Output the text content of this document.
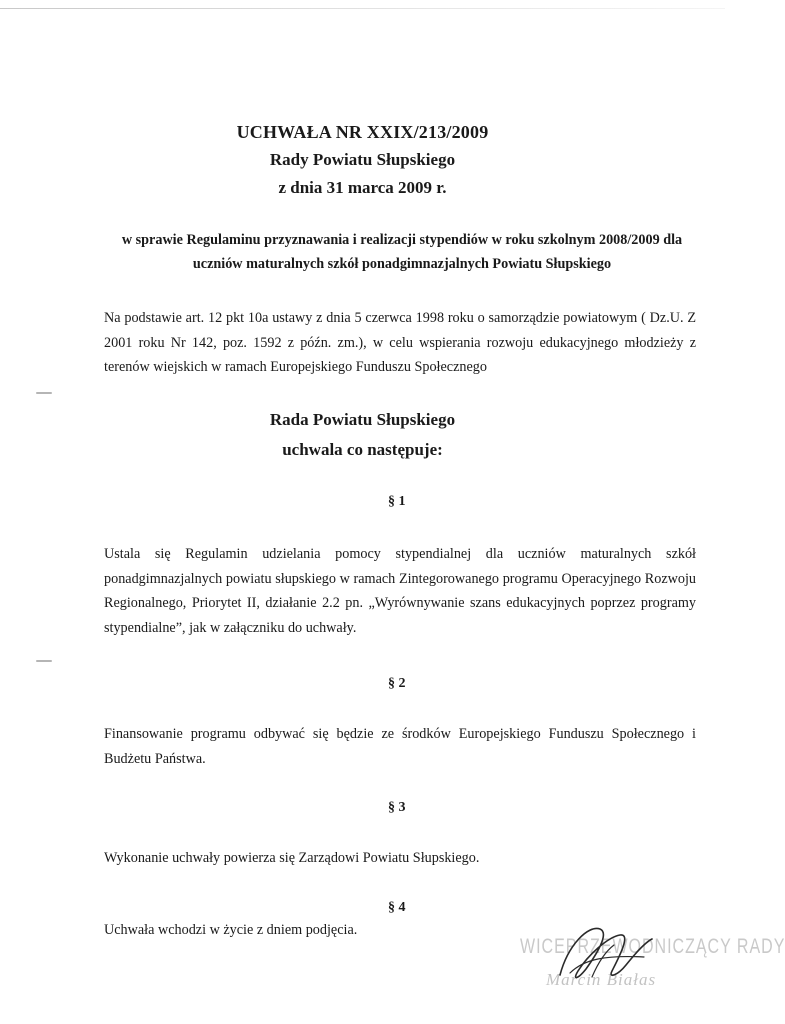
UCHWAŁA NR XXIX/213/2009
Rady Powiatu Słupskiego
z dnia 31 marca 2009 r.
w sprawie Regulaminu przyznawania i realizacji stypendiów w roku szkolnym 2008/2009 dla
uczniów maturalnych szkół ponadgimnazjalnych Powiatu Słupskiego
Na podstawie art. 12 pkt 10a ustawy z dnia 5 czerwca 1998 roku o samorządzie powiatowym ( Dz.U. Z 2001 roku Nr 142, poz. 1592 z późn. zm.), w celu wspierania rozwoju edukacyjnego młodzieży z terenów wiejskich w ramach Europejskiego Funduszu Społecznego
Rada Powiatu Słupskiego
uchwala co następuje:
§ 1
Ustala się Regulamin udzielania pomocy stypendialnej dla uczniów maturalnych szkół ponadgimnazjalnych powiatu słupskiego w ramach Zintegorowanego programu Operacyjnego Rozwoju Regionalnego, Priorytet II, działanie 2.2 pn. „Wyrównywanie szans edukacyjnych poprzez programy stypendialne”, jak w załączniku do uchwały.
§ 2
Finansowanie programu odbywać się będzie ze środków Europejskiego Funduszu Społecznego i Budżetu Państwa.
§ 3
Wykonanie uchwały powierza się Zarządowi Powiatu Słupskiego.
§ 4
Uchwała wchodzi w życie z dniem podjęcia.
WICEPRZEWODNICZĄCY RADY
Marcin Białas
